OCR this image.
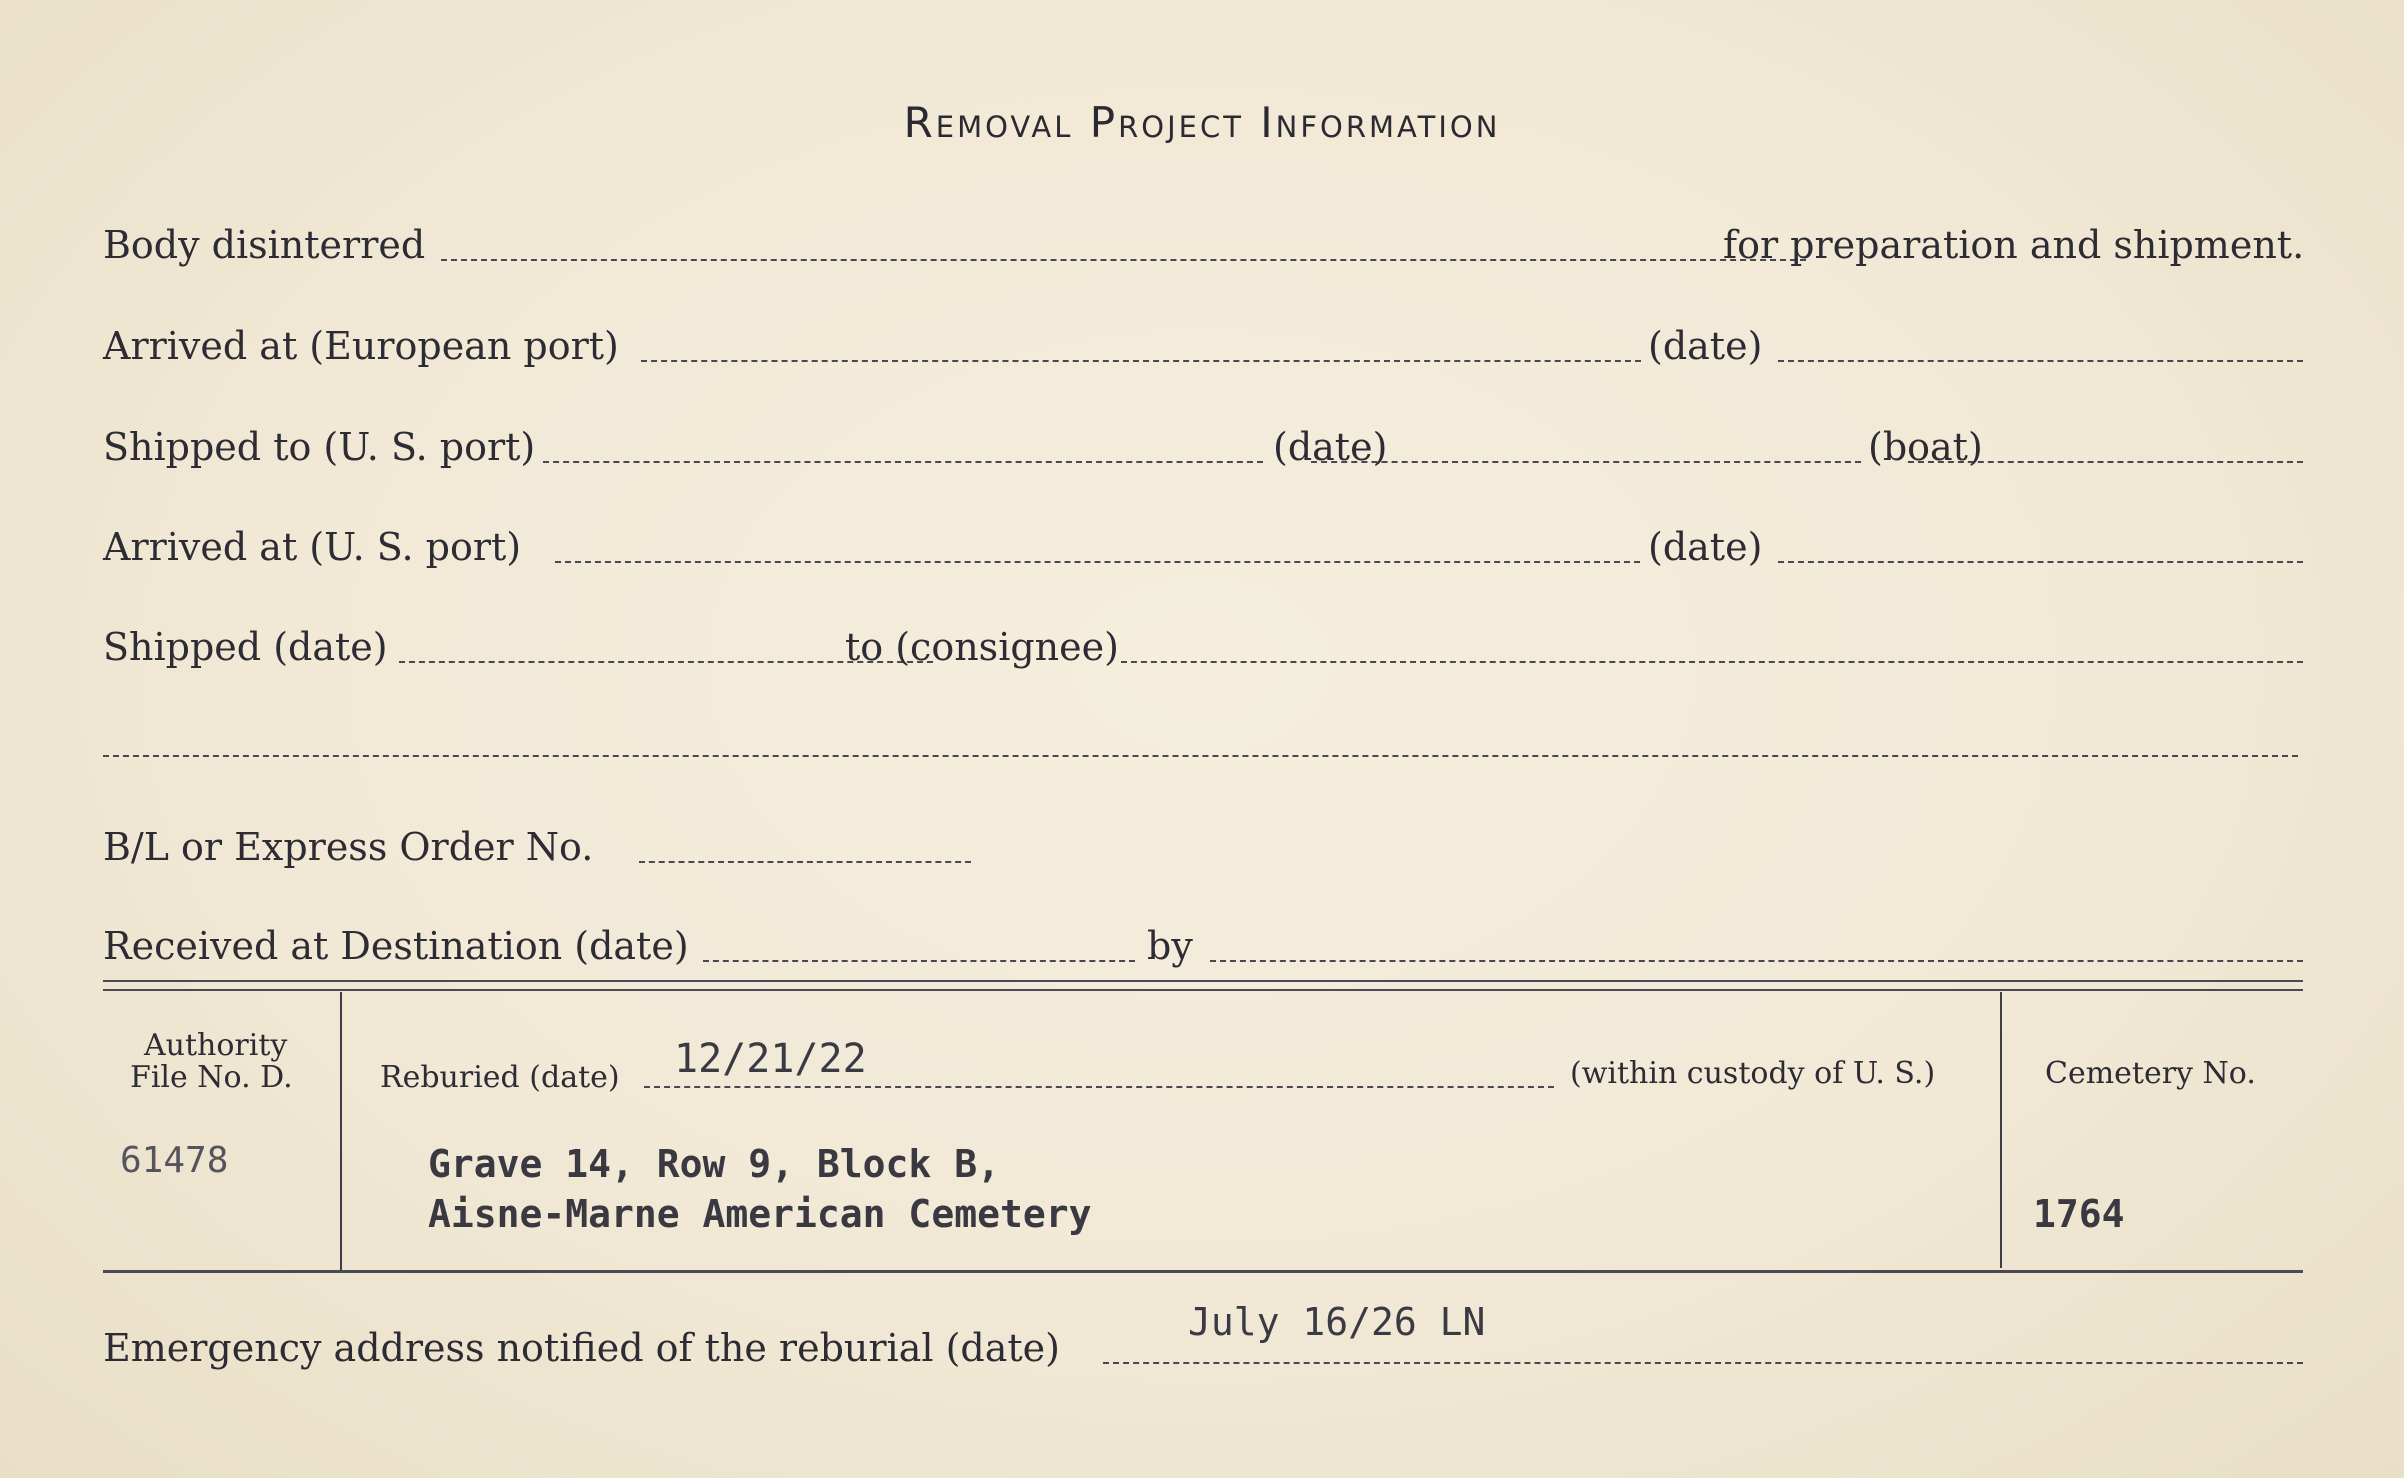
Removal Project Information
Body disinterred	for preparation and shipment.
Arrived at (European port)	(date)
Shipped to (U. S. port)	(date)	(boat)
Arrived at (U. S. port)	(date)
Shipped (date)	to (consignee)
B/L or Express Order No.
Received at Destination (date)	by
Authority
File No. D.
61478
Reburied (date) 12/21/22	(within custody of U. S.)
Grave 14, Row 9, Block B,
Aisne-Marne American Cemetery
Cemetery No.
1764
Emergency address notified of the reburial (date)
July 16/26 LN
